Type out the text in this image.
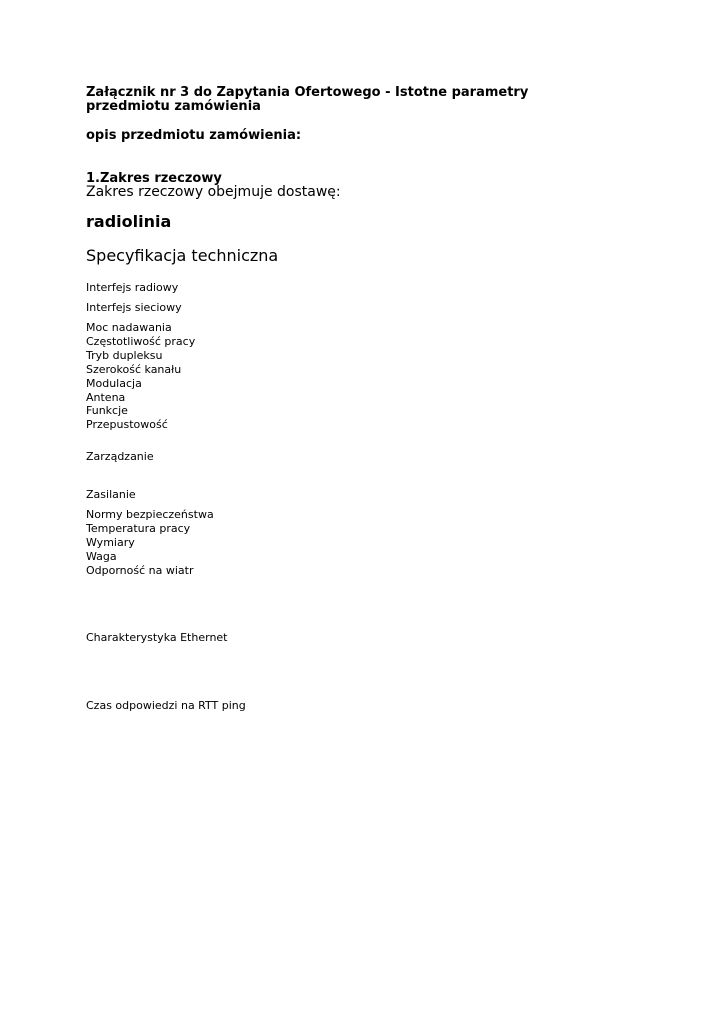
Załącznik nr 3 do Zapytania Ofertowego - Istotne parametry przedmiotu zamówienia

opis przedmiotu zamówienia:

1.Zakres rzeczowy

Zakres rzeczowy obejmuje dostawę:

radiolinia

Specyfikacja techniczna

Interfejs radiowy

Interfejs sieciowy

Moc nadawania
Częstotliwość pracy
Tryb dupleksu
Szerokość kanału
Modulacja
Antena
Funkcje
Przepustowość

Zarządzanie

Zasilanie

Normy bezpieczeństwa
Temperatura pracy
Wymiary
Waga
Odporność na wiatr

Charakterystyka Ethernet

Czas odpowiedzi na RTT ping
